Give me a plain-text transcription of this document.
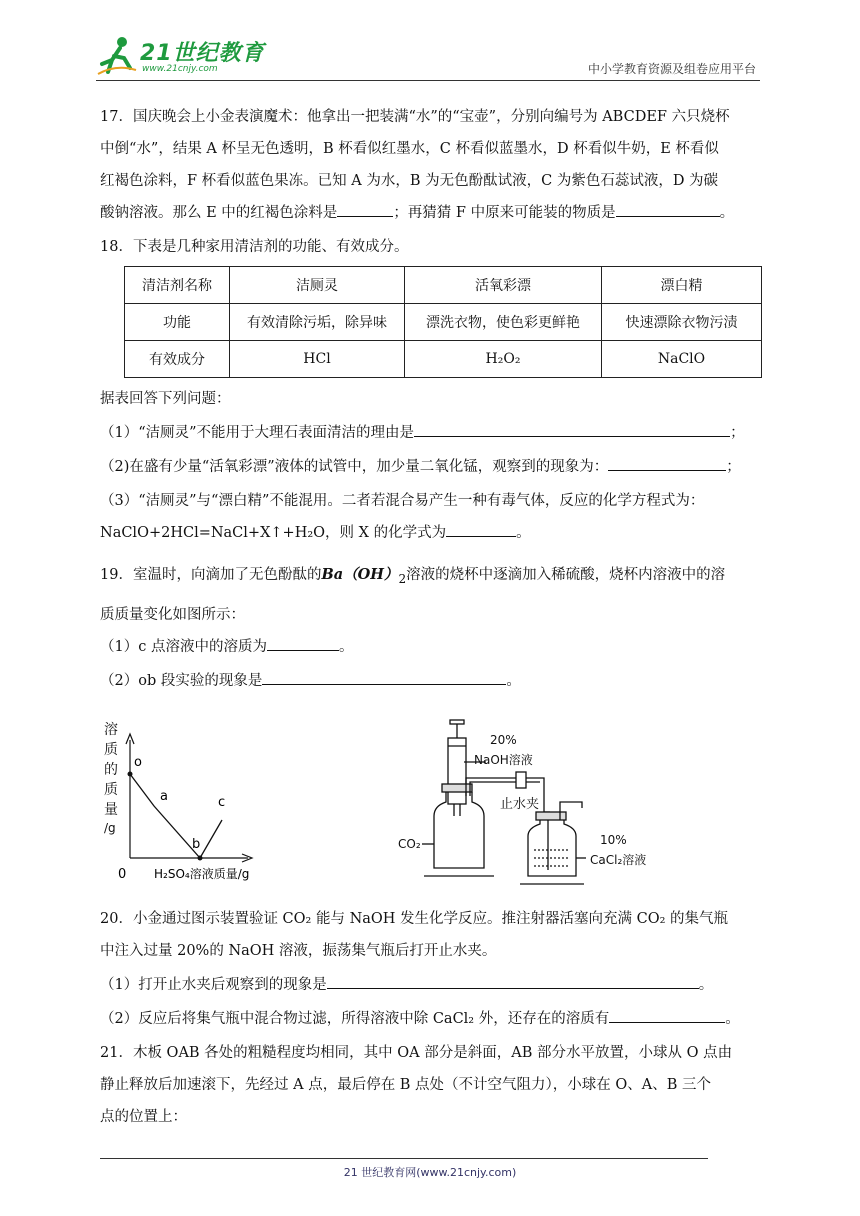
21世纪教育
www.21cnjy.com	中小学教育资源及组卷应用平台
17．国庆晚会上小金表演魔术：他拿出一把装满“水”的“宝壶”，分别向编号为 ABCDEF 六只烧杯
中倒“水”，结果 A 杯呈无色透明，B 杯看似红墨水，C 杯看似蓝墨水，D 杯看似牛奶，E 杯看似
红褐色涂料，F 杯看似蓝色果冻。已知 A 为水，B 为无色酚酞试液，C 为紫色石蕊试液，D 为碳
酸钠溶液。那么 E 中的红褐色涂料是	；再猜猜 F 中原来可能装的物质是	。
18．下表是几种家用清洁剂的功能、有效成分。
清洁剂名称	洁厕灵	活氧彩漂	漂白精
功能	有效清除污垢，除异味	漂洗衣物，使色彩更鲜艳	快速漂除衣物污渍
有效成分	HCl	H₂O₂	NaClO
据表回答下列问题：
（1）“洁厕灵”不能用于大理石表面清洁的理由是	；
（2)在盛有少量“活氧彩漂”液体的试管中，加少量二氧化锰，观察到的现象为：	；
（3）“洁厕灵”与“漂白精”不能混用。二者若混合易产生一种有毒气体，反应的化学方程式为：
NaClO+2HCl=NaCl+X↑+H₂O，则 X 的化学式为	。
19．室温时，向滴加了无色酚酞的$Ba(OH)_2$溶液的烧杯中逐滴加入稀硫酸，烧杯内溶液中的溶
质质量变化如图所示：
（1）c 点溶液中的溶质为	。
（2）ob 段实验的现象是	。
溶
质
的
质
量
/g
o
a
b
c
0 H₂SO₄溶液质量/g
20%
NaOH溶液
止水夹
CO₂	10%
CaCl₂溶液
20．小金通过图示装置验证 CO₂ 能与 NaOH 发生化学反应。推注射器活塞向充满 CO₂ 的集气瓶
中注入过量 20%的 NaOH 溶液，振荡集气瓶后打开止水夹。
（1）打开止水夹后观察到的现象是	。
（2）反应后将集气瓶中混合物过滤，所得溶液中除 CaCl₂ 外，还存在的溶质有	。
21．木板 OAB 各处的粗糙程度均相同，其中 OA 部分是斜面，AB 部分水平放置，小球从 O 点由
静止释放后加速滚下，先经过 A 点，最后停在 B 点处（不计空气阻力），小球在 O、A、B 三个
点的位置上：
21 世纪教育网(www.21cnjy.com)
